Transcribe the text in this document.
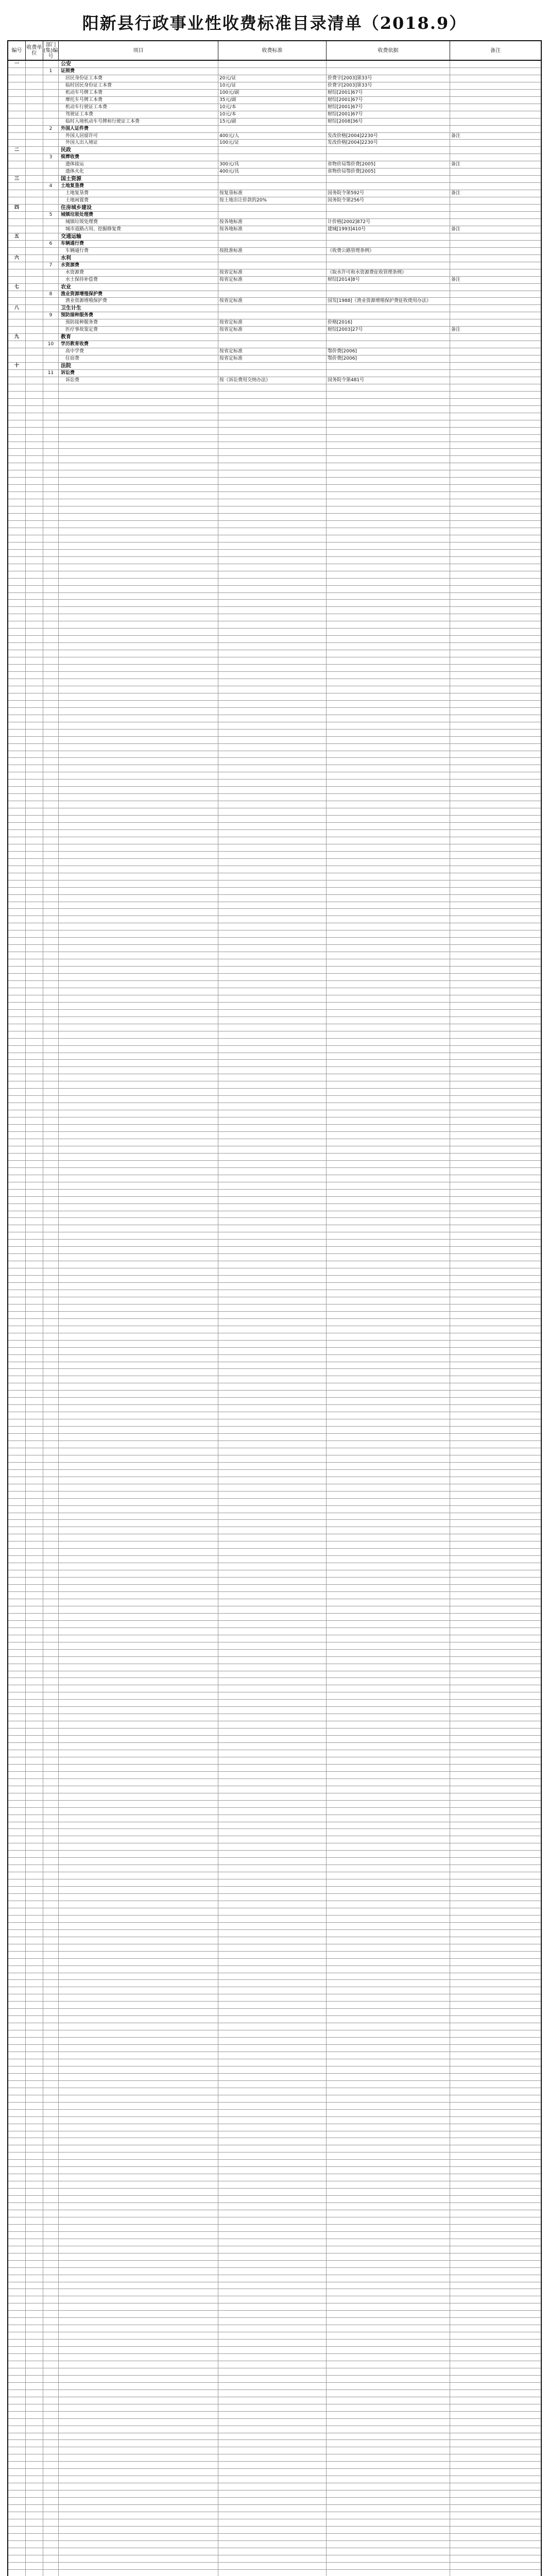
阳新县行政事业性收费标准目录清单（2018.9）
编号 收费单位
部门(集)编号
项目	收费标准	收费依据	备注
一	公安
1	证照费
　居民身份证工本费	20元/证	价费字[2003]第33号
　临时居民身份证工本费	10元/证	价费字[2003]第33号
　机动车号牌工本费	100元/副	财综[2001]67号
　摩托车号牌工本费	35元/副	财综[2001]67号
　机动车行驶证工本费	10元/本	财综[2001]67号
　驾驶证工本费	10元/本	财综[2001]67号
　临时入境机动车号牌和行驶证工本费	15元/副	财综[2008]36号
2	外国人证件费
　外国人居留许可	400元/人	发改价格[2004]2230号	备注
　外国人出入境证	100元/证	发改价格[2004]2230号
二	民政
3	殡葬收费
　遗体接运	300元/具	省物价局鄂价费[2005]	备注
　遗体火化	400元/具	省物价局鄂价费[2005]
三	国土资源
4	土地复垦费
　土地复垦费	按复垦标准	国务院令第592号	备注
　土地闲置费	按土地出让价款的20%	国务院令第256号
四	住房城乡建设
5	城镇垃圾处理费
　城镇垃圾处理费	按各地标准	计价格[2002]872号
　城市道路占用、挖掘修复费	按各地标准	建城[1993]410号	备注
五	交通运输
6	车辆通行费
　车辆通行费	按批准标准	《收费公路管理条例》
六	水利
7	水资源费
　水资源费	按省定标准	《取水许可和水资源费征收管理条例》
　水土保持补偿费	按省定标准	财综[2014]8号	备注
七	农业
8	渔业资源增殖保护费
　渔业资源增殖保护费	按省定标准	国发[1988]《渔业资源增殖保护费征收使用办法》
八	卫生计生
9	预防接种服务费
　预防接种服务费	按省定标准	价格[2016]
　医疗事故鉴定费	按省定标准	财综[2003]27号	备注
九	教育
10	学历教育收费
　高中学费	按省定标准	鄂价费[2006]
　住宿费	按省定标准	鄂价费[2006]
十	法院
11	诉讼费
　诉讼费	按《诉讼费用交纳办法》	国务院令第481号
